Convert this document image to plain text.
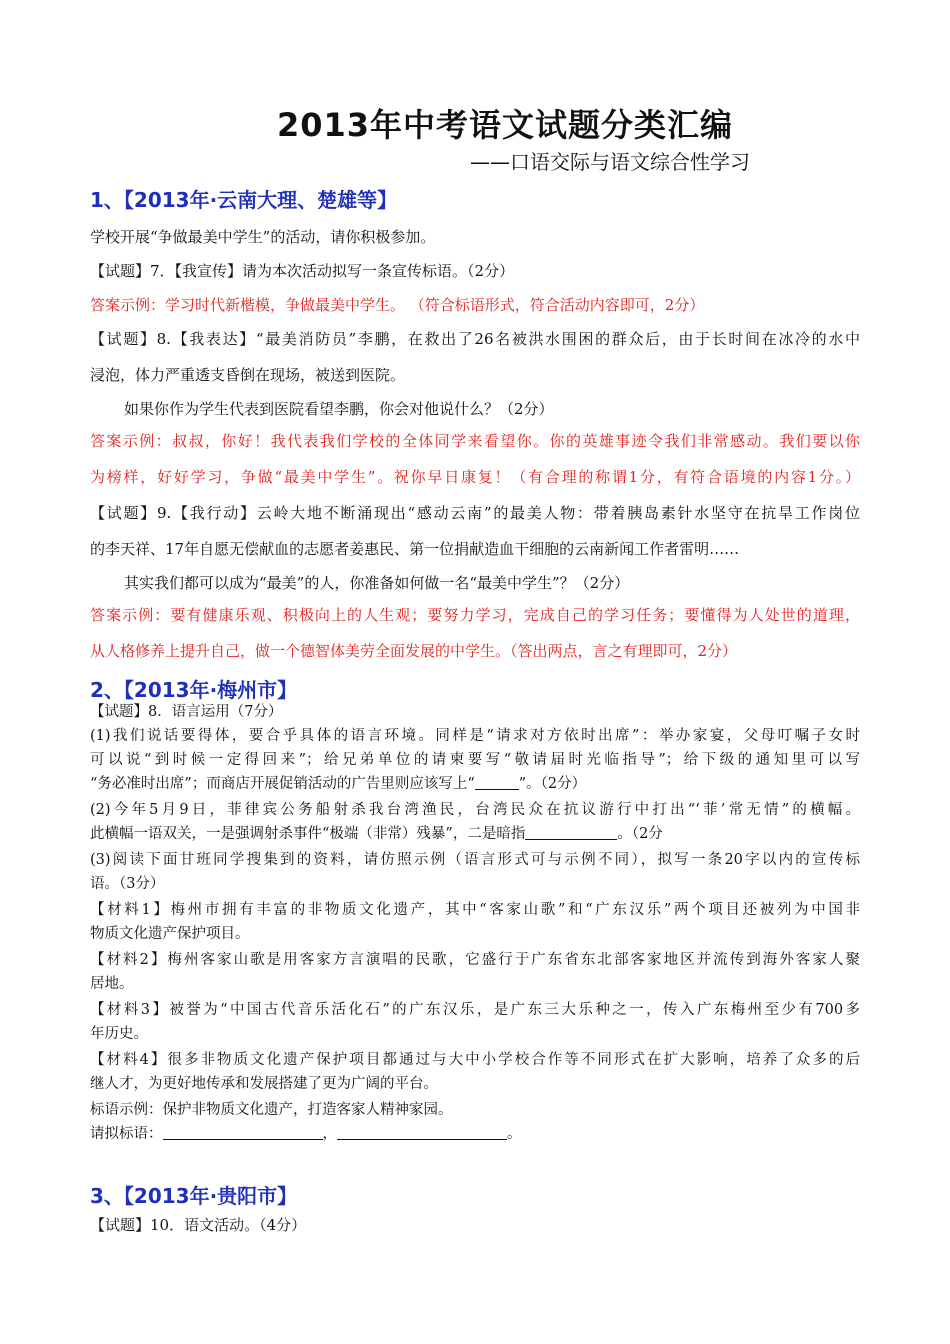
2013年中考语文试题分类汇编
——口语交际与语文综合性学习
1、【2013年·云南大理、楚雄等】
学校开展“争做最美中学生”的活动，请你积极参加。
【试题】7．【我宣传】请为本次活动拟写一条宣传标语。（2分）
答案示例：学习时代新楷模，争做最美中学生。 （符合标语形式，符合活动内容即可，2分）
【试题】8.【我表达】“最美消防员”李鹏，在救出了26名被洪水围困的群众后，由于长时间在冰冷的水中
浸泡，体力严重透支昏倒在现场，被送到医院。
如果你作为学生代表到医院看望李鹏，你会对他说什么？（2分）
答案示例：叔叔，你好！我代表我们学校的全体同学来看望你。你的英雄事迹令我们非常感动。我们要以你
为榜样，好好学习，争做“最美中学生”。祝你早日康复！（有合理的称谓1分，有符合语境的内容1分。）
【试题】9.【我行动】云岭大地不断涌现出“感动云南”的最美人物：带着胰岛素针水坚守在抗旱工作岗位
的李天祥、17年自愿无偿献血的志愿者姜惠民、第一位捐献造血干细胞的云南新闻工作者雷明……
其实我们都可以成为“最美”的人，你准备如何做一名“最美中学生”？（2分）
答案示例：要有健康乐观、积极向上的人生观；要努力学习，完成自己的学习任务；要懂得为人处世的道理，
从人格修养上提升自己，做一个德智体美劳全面发展的中学生。（答出两点，言之有理即可，2分）
2、【2013年·梅州市】
【试题】8．语言运用（7分）
(1)我们说话要得体，要合乎具体的语言环境。同样是“请求对方依时出席”：举办家宴，父母叮嘱子女时
可以说“到时候一定得回来”；给兄弟单位的请柬要写“敬请届时光临指导”；给下级的通知里可以写
“务必准时出席”；而商店开展促销活动的广告里则应该写上“	”。（2分）
(2)今年5月9日，菲律宾公务船射杀我台湾渔民，台湾民众在抗议游行中打出“‘菲’常无情”的横幅。
此横幅一语双关，一是强调射杀事件“极端（非常）残暴”，二是暗指	。（2分
(3)阅读下面甘班同学搜集到的资料，请仿照示例（语言形式可与示例不同），拟写一条20字以内的宣传标
语。（3分）
【材料1】梅州市拥有丰富的非物质文化遗产，其中“客家山歌”和“广东汉乐”两个项目还被列为中国非
物质文化遗产保护项目。
【材料2】梅州客家山歌是用客家方言演唱的民歌，它盛行于广东省东北部客家地区并流传到海外客家人聚
居地。
【材料3】被誉为“中国古代音乐活化石”的广东汉乐，是广东三大乐种之一，传入广东梅州至少有700多
年历史。
【材料4】很多非物质文化遗产保护项目都通过与大中小学校合作等不同形式在扩大影响，培养了众多的后
继人才，为更好地传承和发展搭建了更为广阔的平台。
标语示例：保护非物质文化遗产，打造客家人精神家园。
请拟标语：	，	。
3、【2013年·贵阳市】
【试题】10．语文活动。（4分）
